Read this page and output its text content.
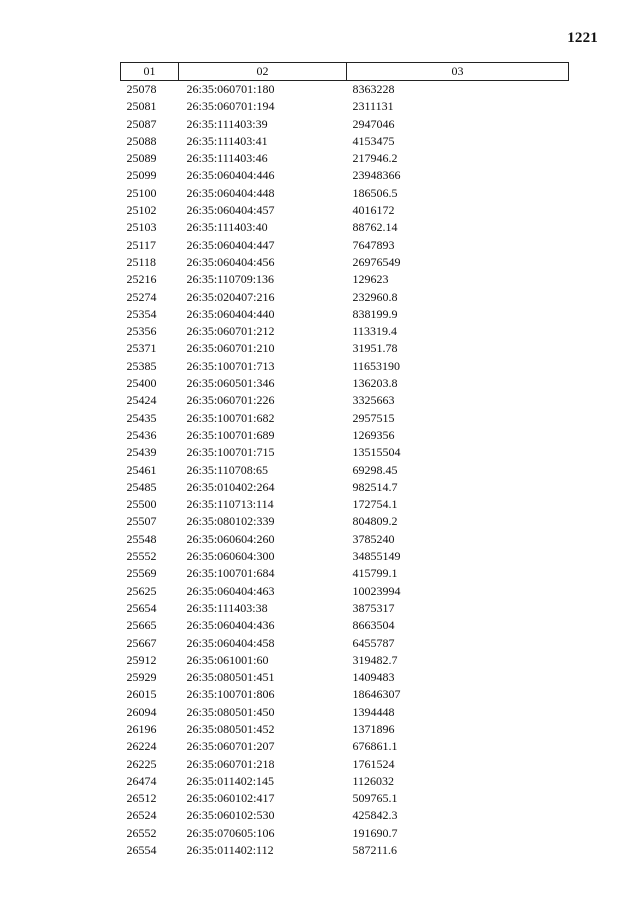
1221
01	02	03
25078	26:35:060701:180	8363228
25081	26:35:060701:194	2311131
25087	26:35:111403:39	2947046
25088	26:35:111403:41	4153475
25089	26:35:111403:46	217946.2
25099	26:35:060404:446	23948366
25100	26:35:060404:448	186506.5
25102	26:35:060404:457	4016172
25103	26:35:111403:40	88762.14
25117	26:35:060404:447	7647893
25118	26:35:060404:456	26976549
25216	26:35:110709:136	129623
25274	26:35:020407:216	232960.8
25354	26:35:060404:440	838199.9
25356	26:35:060701:212	113319.4
25371	26:35:060701:210	31951.78
25385	26:35:100701:713	11653190
25400	26:35:060501:346	136203.8
25424	26:35:060701:226	3325663
25435	26:35:100701:682	2957515
25436	26:35:100701:689	1269356
25439	26:35:100701:715	13515504
25461	26:35:110708:65	69298.45
25485	26:35:010402:264	982514.7
25500	26:35:110713:114	172754.1
25507	26:35:080102:339	804809.2
25548	26:35:060604:260	3785240
25552	26:35:060604:300	34855149
25569	26:35:100701:684	415799.1
25625	26:35:060404:463	10023994
25654	26:35:111403:38	3875317
25665	26:35:060404:436	8663504
25667	26:35:060404:458	6455787
25912	26:35:061001:60	319482.7
25929	26:35:080501:451	1409483
26015	26:35:100701:806	18646307
26094	26:35:080501:450	1394448
26196	26:35:080501:452	1371896
26224	26:35:060701:207	676861.1
26225	26:35:060701:218	1761524
26474	26:35:011402:145	1126032
26512	26:35:060102:417	509765.1
26524	26:35:060102:530	425842.3
26552	26:35:070605:106	191690.7
26554	26:35:011402:112	587211.6
